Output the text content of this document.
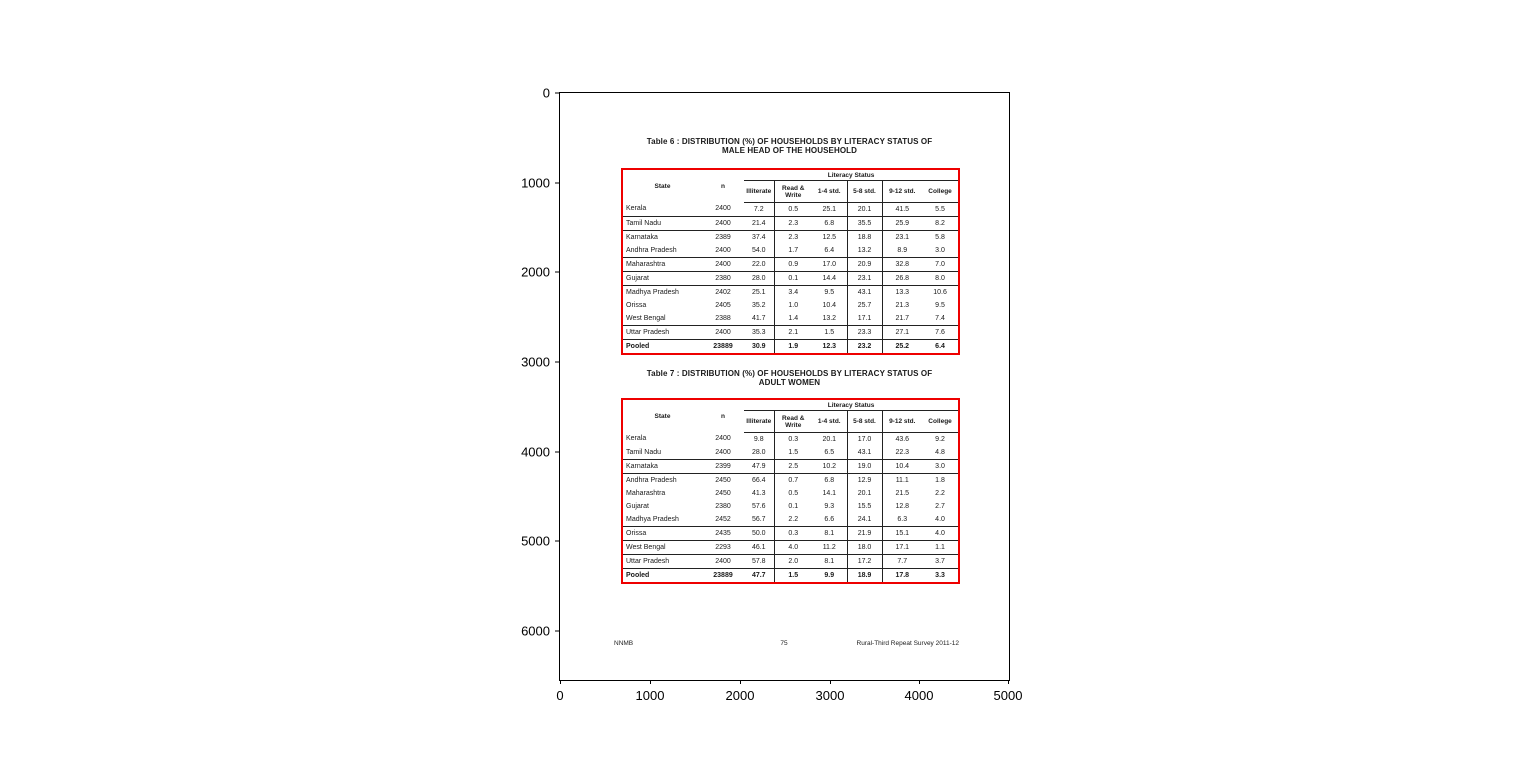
0
1000
2000
3000
4000
5000
6000
0	1000	2000	3000	4000	5000
Table 6 : DISTRIBUTION (%) OF HOUSEHOLDS BY LITERACY STATUS OF
MALE HEAD OF THE HOUSEHOLD
State	n	Literacy Status					
		Illiterate	Read & Write	1-4 std.	5-8 std.	9-12 std.	College
Kerala	2400	7.2	0.5	25.1	20.1	41.5	5.5
Tamil Nadu	2400	21.4	2.3	6.8	35.5	25.9	8.2
Karnataka	2389	37.4	2.3	12.5	18.8	23.1	5.8
Andhra Pradesh	2400	54.0	1.7	6.4	13.2	8.9	3.0
Maharashtra	2400	22.0	0.9	17.0	20.9	32.8	7.0
Gujarat	2380	28.0	0.1	14.4	23.1	26.8	8.0
Madhya Pradesh	2402	25.1	3.4	9.5	43.1	13.3	10.6
Orissa	2405	35.2	1.0	10.4	25.7	21.3	9.5
West Bengal	2388	41.7	1.4	13.2	17.1	21.7	7.4
Uttar Pradesh	2400	35.3	2.1	1.5	23.3	27.1	7.6
Pooled	23889	30.9	1.9	12.3	23.2	25.2	6.4
Table 7 : DISTRIBUTION (%) OF HOUSEHOLDS BY LITERACY STATUS OF
ADULT WOMEN
State	n	Literacy Status					
		Illiterate	Read & Write	1-4 std.	5-8 std.	9-12 std.	College
Kerala	2400	9.8	0.3	20.1	17.0	43.6	9.2
Tamil Nadu	2400	28.0	1.5	6.5	43.1	22.3	4.8
Karnataka	2399	47.9	2.5	10.2	19.0	10.4	3.0
Andhra Pradesh	2450	66.4	0.7	6.8	12.9	11.1	1.8
Maharashtra	2450	41.3	0.5	14.1	20.1	21.5	2.2
Gujarat	2380	57.6	0.1	9.3	15.5	12.8	2.7
Madhya Pradesh	2452	56.7	2.2	6.6	24.1	6.3	4.0
Orissa	2435	50.0	0.3	8.1	21.9	15.1	4.0
West Bengal	2293	46.1	4.0	11.2	18.0	17.1	1.1
Uttar Pradesh	2400	57.8	2.0	8.1	17.2	7.7	3.7
Pooled	23889	47.7	1.5	9.9	18.9	17.8	3.3
NNMB	75	Rural-Third Repeat Survey 2011-12
